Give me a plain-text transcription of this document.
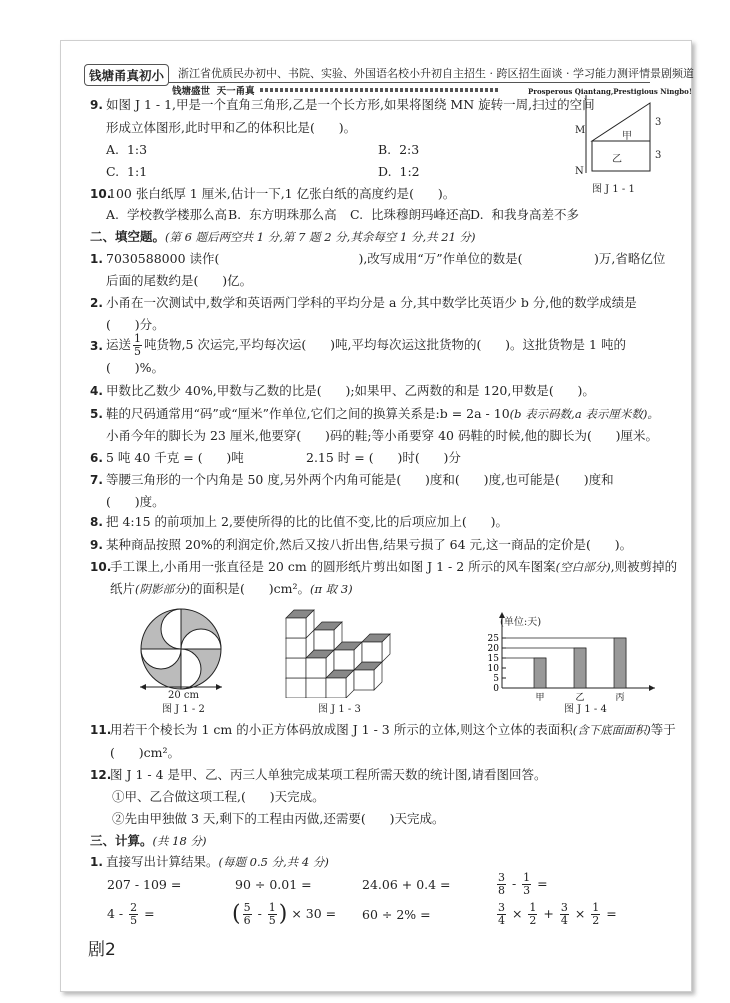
钱塘甬真初小	浙江省优质民办初中、书院、实验、外国语名校小升初自主招生 · 跨区招生面谈 · 学习能力测评情景剧频道
钱塘盛世  天一甬真	Prosperous Qiantang,Prestigious Ningbo!
9. 如图 J 1 - 1,甲是一个直角三角形,乙是一个长方形,如果将图绕 MN 旋转一周,扫过的空间
形成立体图形,此时甲和乙的体积比是(      )。
A.  1:3	B.  2:3
C.  1:1	D.  1:2
M
N
甲
乙
3
3
图 J 1 - 1
10.
100 张白纸厚 1 厘米,估计一下,1 亿张白纸的高度约是(      )。
A.  学校教学楼那么高 B.  东方明珠那么高 C.  比珠穆朗玛峰还高
D.  和我身高差不多
二、填空题。(第 6 题后两空共 1 分,第 7 题 2 分,其余每空 1 分,共 21 分)
1. 7030588000 读作(                                   ),改写成用“万”作单位的数是(                  )万,省略亿位
后面的尾数约是(      )亿。
2. 小甬在一次测试中,数学和英语两门学科的平均分是 a 分,其中数学比英语少 b 分,他的数学成绩是
(      )分。
3. 运送 $\frac{1}{5}$ 吨货物,5 次运完,平均每次运(      )吨,平均每次运这批货物的(      )。这批货物是 1 吨的
(      )%。
4. 甲数比乙数少 40%,甲数与乙数的比是(      );如果甲、乙两数的和是 120,甲数是(      )。
5. 鞋的尺码通常用“码”或“厘米”作单位,它们之间的换算关系是:b = 2a - 10(b 表示码数,a 表示厘米数)。
小甬今年的脚长为 23 厘米,他要穿(      )码的鞋;等小甬要穿 40 码鞋的时候,他的脚长为(      )厘米。
6. 5 吨 40 千克 = (      )吨	2.15 时 = (      )时(      )分
7. 等腰三角形的一个内角是 50 度,另外两个内角可能是(      )度和(      )度,也可能是(      )度和
(      )度。
8. 把 4:15 的前项加上 2,要使所得的比的比值不变,比的后项应加上(      )。
9. 某种商品按照 20%的利润定价,然后又按八折出售,结果亏损了 64 元,这一商品的定价是(      )。
10.
手工课上,小甬用一张直径是 20 cm 的圆形纸片剪出如图 J 1 - 2 所示的风车图案(空白部分),则被剪掉的
纸片(阴影部分)的面积是(      )cm²。(π 取 3)
20 cm
图 J 1 - 2	图 J 1 - 3
0
5
10
15
20
25
甲	乙	丙
(单位:天)
图 J 1 - 4
11.
用若干个棱长为 1 cm 的小正方体码放成图 J 1 - 3 所示的立体,则这个立体的表面积(含下底面面积)等于
(      )cm²。
12.
图 J 1 - 4 是甲、乙、丙三人单独完成某项工程所需天数的统计图,请看图回答。
①甲、乙合做这项工程,(      )天完成。
②先由甲独做 3 天,剩下的工程由丙做,还需要(      )天完成。
三、计算。(共 18 分)
1. 直接写出计算结果。(每题 0.5 分,共 4 分)
207 - 109 =	90 ÷ 0.01 =	24.06 + 0.4 =	$\frac{3}{8} - \frac{1}{3}$ =
$4 - \frac{2}{5}$ =	( $\frac{5}{6} - \frac{1}{5}$ ) × 30 = 60 ÷ 2% =	$\frac{3}{4} \times \frac{1}{2} + \frac{3}{4} \times \frac{1}{2}$ =
剧2
